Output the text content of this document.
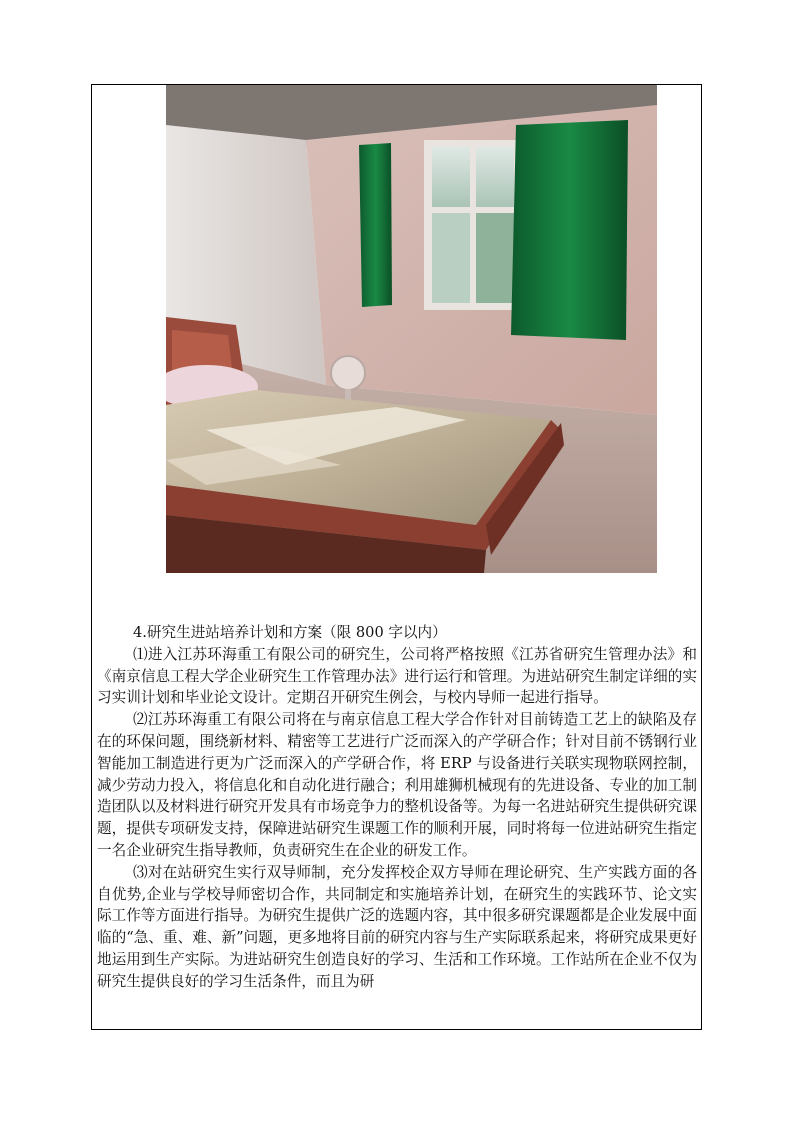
4.研究生进站培养计划和方案（限 800 字以内）

⑴进入江苏环海重工有限公司的研究生，公司将严格按照《江苏省研究生管理办法》和《南京信息工程大学企业研究生工作管理办法》进行运行和管理。为进站研究生制定详细的实习实训计划和毕业论文设计。定期召开研究生例会，与校内导师一起进行指导。

⑵江苏环海重工有限公司将在与南京信息工程大学合作针对目前铸造工艺上的缺陷及存在的环保问题，围绕新材料、精密等工艺进行广泛而深入的产学研合作；针对目前不锈钢行业智能加工制造进行更为广泛而深入的产学研合作，将 ERP 与设备进行关联实现物联网控制，减少劳动力投入，将信息化和自动化进行融合；利用雄狮机械现有的先进设备、专业的加工制造团队以及材料进行研究开发具有市场竞争力的整机设备等。为每一名进站研究生提供研究课题，提供专项研发支持，保障进站研究生课题工作的顺利开展，同时将每一位进站研究生指定一名企业研究生指导教师，负责研究生在企业的研发工作。

⑶对在站研究生实行双导师制，充分发挥校企双方导师在理论研究、生产实践方面的各自优势,企业与学校导师密切合作，共同制定和实施培养计划，在研究生的实践环节、论文实际工作等方面进行指导。为研究生提供广泛的选题内容，其中很多研究课题都是企业发展中面临的“急、重、难、新”问题，更多地将目前的研究内容与生产实际联系起来，将研究成果更好地运用到生产实际。为进站研究生创造良好的学习、生活和工作环境。工作站所在企业不仅为研究生提供良好的学习生活条件，而且为研
